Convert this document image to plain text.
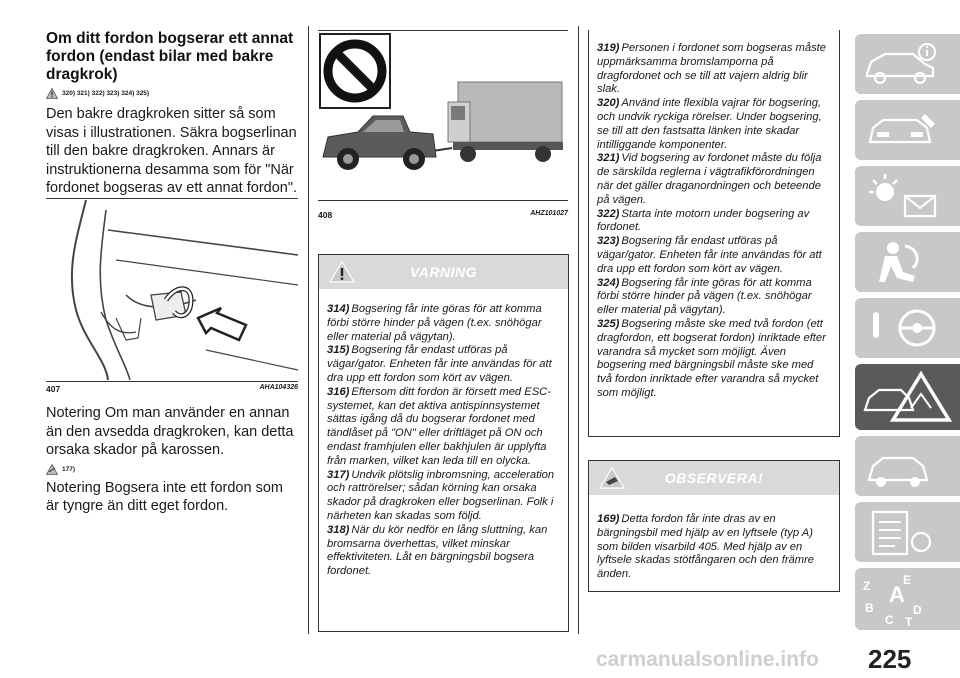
Om ditt fordon bogserar ett annat fordon (endast bilar med bakre dragkrok)
320) 321) 322) 323) 324) 325)
Den bakre dragkroken sitter så som visas i illustrationen. Säkra bogserlinan till den bakre dragkroken. Annars är instruktionerna desamma som för "När fordonet bogseras av ett annat fordon".
407	AHA104326
Notering Om man använder en annan än den avsedda dragkroken, kan detta orsaka skador på karossen.
177)
Notering Bogsera inte ett fordon som är tyngre än ditt eget fordon.
408	AHZ101027
VARNING

314) Bogsering får inte göras för att komma förbi större hinder på vägen (t.ex. snöhögar eller material på vägytan).

315) Bogsering får endast utföras på vägar/gator. Enheten får inte användas för att dra upp ett fordon som kört av vägen.

316) Eftersom ditt fordon är försett med ESC-systemet, kan det aktiva antispinnsystemet sättas igång då du bogserar fordonet med tändlåset på "ON" eller driftläget på ON och endast framhjulen eller bakhjulen är upplyfta från marken, vilket kan leda till en olycka.

317) Undvik plötslig inbromsning, acceleration och rattrörelser; sådan körning kan orsaka skador på dragkroken eller bogserlinan. Folk i närheten kan skadas som följd.

318) När du kör nedför en lång sluttning, kan bromsarna överhettas, vilket minskar effektiviteten. Låt en bärgningsbil bogsera fordonet.

319) Personen i fordonet som bogseras måste uppmärksamma bromslamporna på dragfordonet och se till att vajern aldrig blir slak.

320) Använd inte flexibla vajrar för bogsering, och undvik ryckiga rörelser. Under bogsering, se till att den fastsatta länken inte skadar intilliggande komponenter.

321) Vid bogsering av fordonet måste du följa de särskilda reglerna i vägtrafikförordningen när det gäller draganordningen och beteende på vägen.

322) Starta inte motorn under bogsering av fordonet.

323) Bogsering får endast utföras på vägar/gator. Enheten får inte användas för att dra upp ett fordon som kört av vägen.

324) Bogsering får inte göras för att komma förbi större hinder på vägen (t.ex. snöhögar eller material på vägytan).

325) Bogsering måste ske med två fordon (ett dragfordon, ett bogserat fordon) inriktade efter varandra så mycket som möjligt. Även bogsering med bärgningsbil måste ske med två fordon inriktade efter varandra så mycket som möjligt.

OBSERVERA!

169) Detta fordon får inte dras av en bärgningsbil med hjälp av en lyftsele (typ A) som bilden visarbild 405. Med hjälp av en lyftsele skadas stötfångaren och den främre änden.

Z	E
B
C
A
D
T
carmanualsonline.info 225
